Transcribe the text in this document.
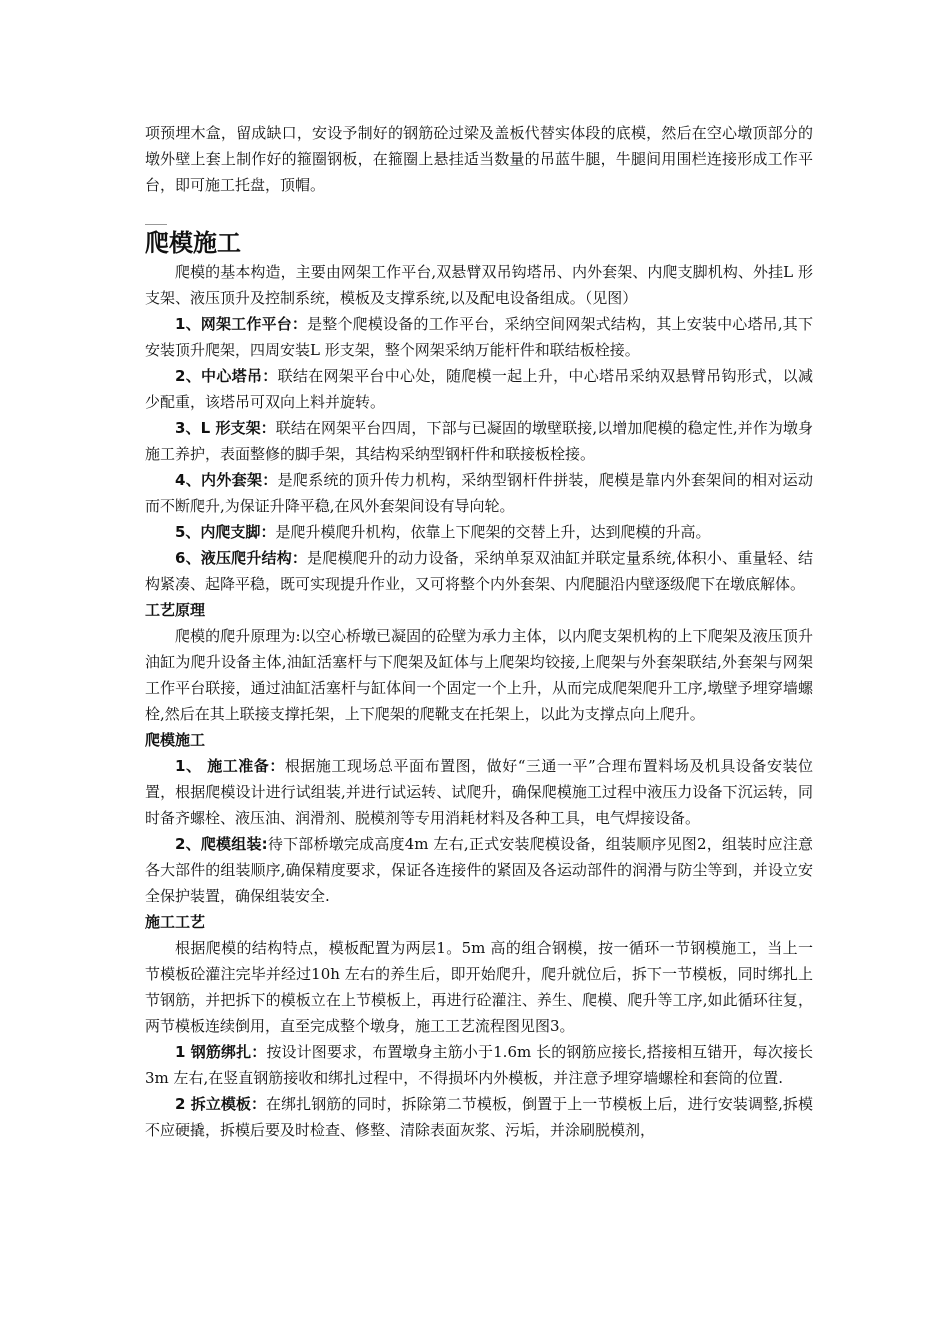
项预埋木盒，留成缺口，安设予制好的钢筋砼过梁及盖板代替实体段的底模，然后在空心墩顶部分的墩外壁上套上制作好的箍圈钢板，在箍圈上悬挂适当数量的吊蓝牛腿，牛腿间用围栏连接形成工作平台，即可施工托盘，顶帽。

爬模施工

爬模的基本构造，主要由网架工作平台,双悬臂双吊钩塔吊、内外套架、内爬支脚机构、外挂L 形支架、液压顶升及控制系统，模板及支撑系统,以及配电设备组成。（见图）

1、网架工作平台：是整个爬模设备的工作平台，采纳空间网架式结构，其上安装中心塔吊,其下安装顶升爬架，四周安装L 形支架，整个网架采纳万能杆件和联结板栓接。

2、中心塔吊：联结在网架平台中心处，随爬模一起上升，中心塔吊采纳双悬臂吊钩形式，以减少配重，该塔吊可双向上料并旋转。

3、L 形支架：联结在网架平台四周，下部与已凝固的墩壁联接,以增加爬模的稳定性,并作为墩身施工养护，表面整修的脚手架，其结构采纳型钢杆件和联接板栓接。

4、内外套架：是爬系统的顶升传力机构，采纳型钢杆件拼装，爬模是靠内外套架间的相对运动而不断爬升,为保证升降平稳,在风外套架间设有导向轮。

5、内爬支脚：是爬升模爬升机构，依靠上下爬架的交替上升，达到爬模的升高。

6、液压爬升结构：是爬模爬升的动力设备，采纳单泵双油缸并联定量系统,体积小、重量轻、结构紧凑、起降平稳，既可实现提升作业，又可将整个内外套架、内爬腿沿内壁逐级爬下在墩底解体。

工艺原理

爬模的爬升原理为:以空心桥墩已凝固的砼壁为承力主体，以内爬支架机构的上下爬架及液压顶升油缸为爬升设备主体,油缸活塞杆与下爬架及缸体与上爬架均铰接,上爬架与外套架联结,外套架与网架工作平台联接，通过油缸活塞杆与缸体间一个固定一个上升，从而完成爬架爬升工序,墩壁予埋穿墙螺栓,然后在其上联接支撑托架，上下爬架的爬靴支在托架上，以此为支撑点向上爬升。

爬模施工

1、 施工准备：根据施工现场总平面布置图，做好“三通一平”合理布置料场及机具设备安装位置，根据爬模设计进行试组装,并进行试运转、试爬升，确保爬模施工过程中液压力设备下沉运转，同时备齐螺栓、液压油、润滑剂、脱模剂等专用消耗材料及各种工具，电气焊接设备。

2、爬模组装:待下部桥墩完成高度4m 左右,正式安装爬模设备，组装顺序见图2，组装时应注意各大部件的组装顺序,确保精度要求，保证各连接件的紧固及各运动部件的润滑与防尘等到，并设立安全保护装置，确保组装安全.

施工工艺

根据爬模的结构特点，模板配置为两层1。5m 高的组合钢模，按一循环一节钢模施工，当上一节模板砼灌注完毕并经过10h 左右的养生后，即开始爬升，爬升就位后，拆下一节模板，同时绑扎上节钢筋，并把拆下的模板立在上节模板上，再进行砼灌注、养生、爬模、爬升等工序,如此循环往复，两节模板连续倒用，直至完成整个墩身，施工工艺流程图见图3。

1 钢筋绑扎：按设计图要求，布置墩身主筋小于1.6m 长的钢筋应接长,搭接相互错开，每次接长3m 左右,在竖直钢筋接收和绑扎过程中，不得损坏内外模板，并注意予埋穿墙螺栓和套筒的位置.

2 拆立模板：在绑扎钢筋的同时，拆除第二节模板，倒置于上一节模板上后，进行安装调整,拆模不应硬撬，拆模后要及时检查、修整、清除表面灰浆、污垢，并涂刷脱模剂，
